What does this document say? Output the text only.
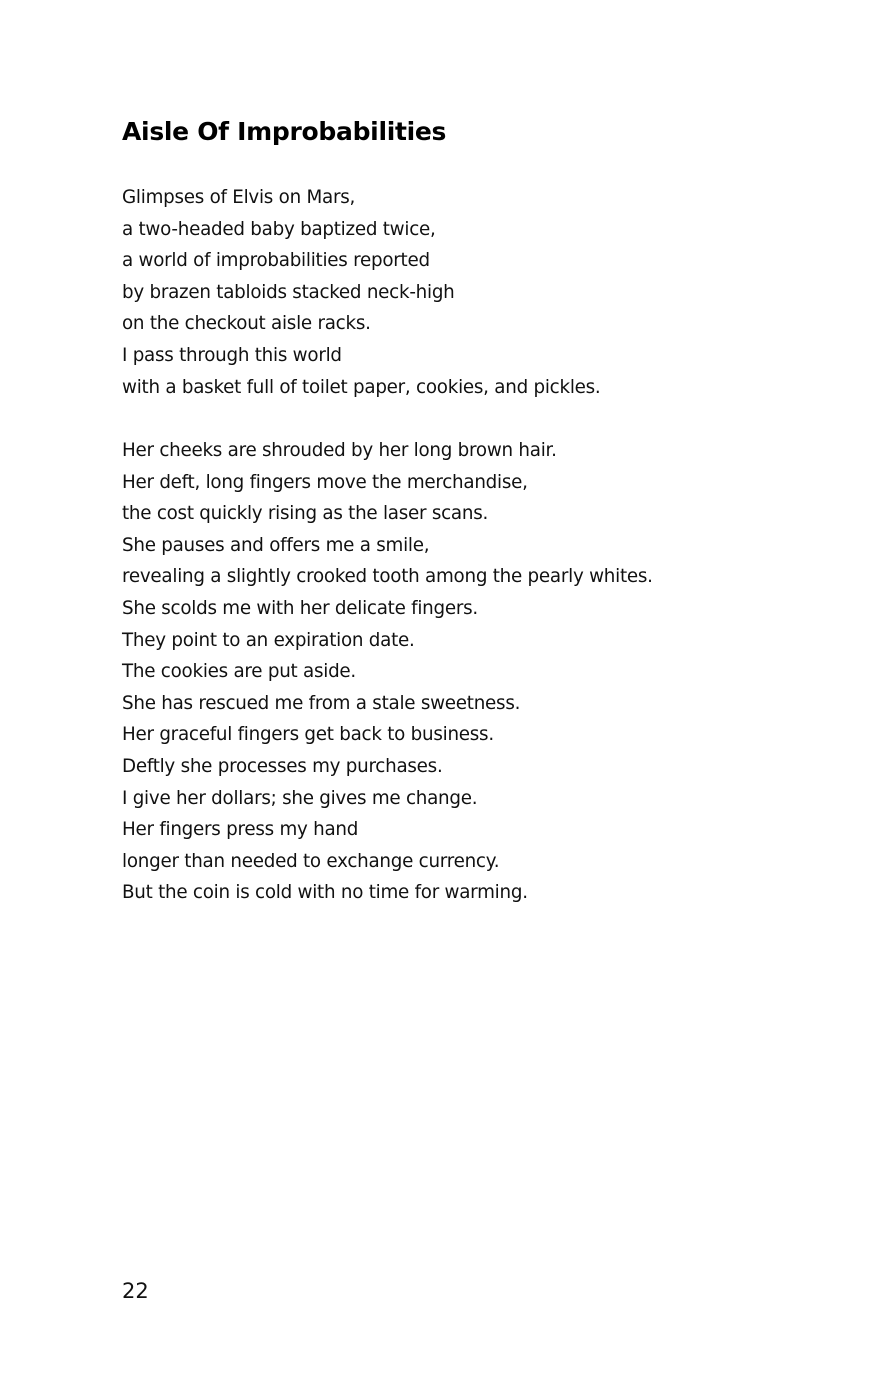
Aisle Of Improbabilities
Glimpses of Elvis on Mars,
a two-headed baby baptized twice,
a world of improbabilities reported
by brazen tabloids stacked neck-high
on the checkout aisle racks.
I pass through this world
with a basket full of toilet paper, cookies, and pickles.
Her cheeks are shrouded by her long brown hair.
Her deft, long fingers move the merchandise,
the cost quickly rising as the laser scans.
She pauses and offers me a smile,
revealing a slightly crooked tooth among the pearly whites.
She scolds me with her delicate fingers.
They point to an expiration date.
The cookies are put aside.
She has rescued me from a stale sweetness.
Her graceful fingers get back to business.
Deftly she processes my purchases.
I give her dollars; she gives me change.
Her fingers press my hand
longer than needed to exchange currency.
But the coin is cold with no time for warming.

22
